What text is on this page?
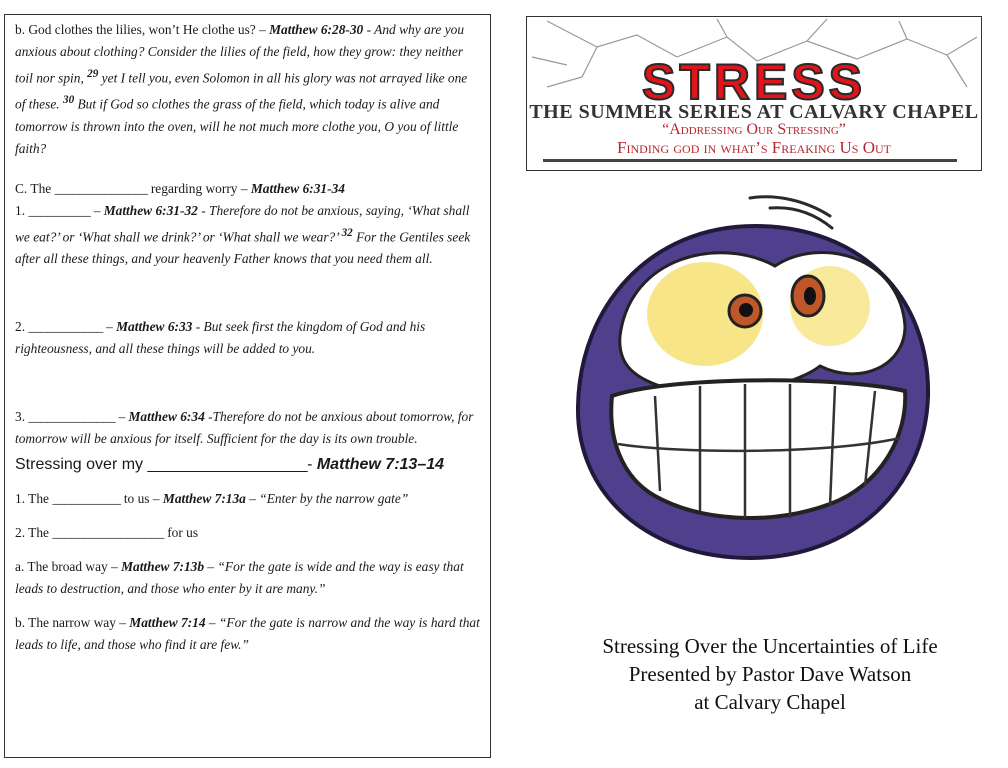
b. God clothes the lilies, won’t He clothe us? – Matthew 6:28-30 - And why are you anxious about clothing? Consider the lilies of the field, how they grow: they neither toil nor spin, $^{29}$ yet I tell you, even Solomon in all his glory was not arrayed like one of these. $^{30}$ But if God so clothes the grass of the field, which today is alive and tomorrow is thrown into the oven, will he not much more clothe you, O you of little faith?

C. The _______________ regarding worry – Matthew 6:31-34

1. __________ – Matthew 6:31-32 - Therefore do not be anxious, saying, ‘What shall we eat?’ or ‘What shall we drink?’ or ‘What shall we wear?’ $^{32}$ For the Gentiles seek after all these things, and your heavenly Father knows that you need them all.

2. ____________ – Matthew 6:33 - But seek first the kingdom of God and his righteousness, and all these things will be added to you.

3. ______________ – Matthew 6:34 -Therefore do not be anxious about tomorrow, for tomorrow will be anxious for itself. Sufficient for the day is its own trouble.

Stressing over my ___________________- Matthew 7:13–14

1. The ___________ to us – Matthew 7:13a – “Enter by the narrow gate”

2. The __________________ for us

a. The broad way – Matthew 7:13b – “For the gate is wide and the way is easy that leads to destruction, and those who enter by it are many.”

b. The narrow way – Matthew 7:14 – “For the gate is narrow and the way is hard that leads to life, and those who find it are few.”

STRESS
THE SUMMER SERIES AT CALVARY CHAPEL
“Addressing Our Stressing”
Finding god in what’s Freaking Us Out
Stressing Over the Uncertainties of Life
Presented by Pastor Dave Watson
at Calvary Chapel
